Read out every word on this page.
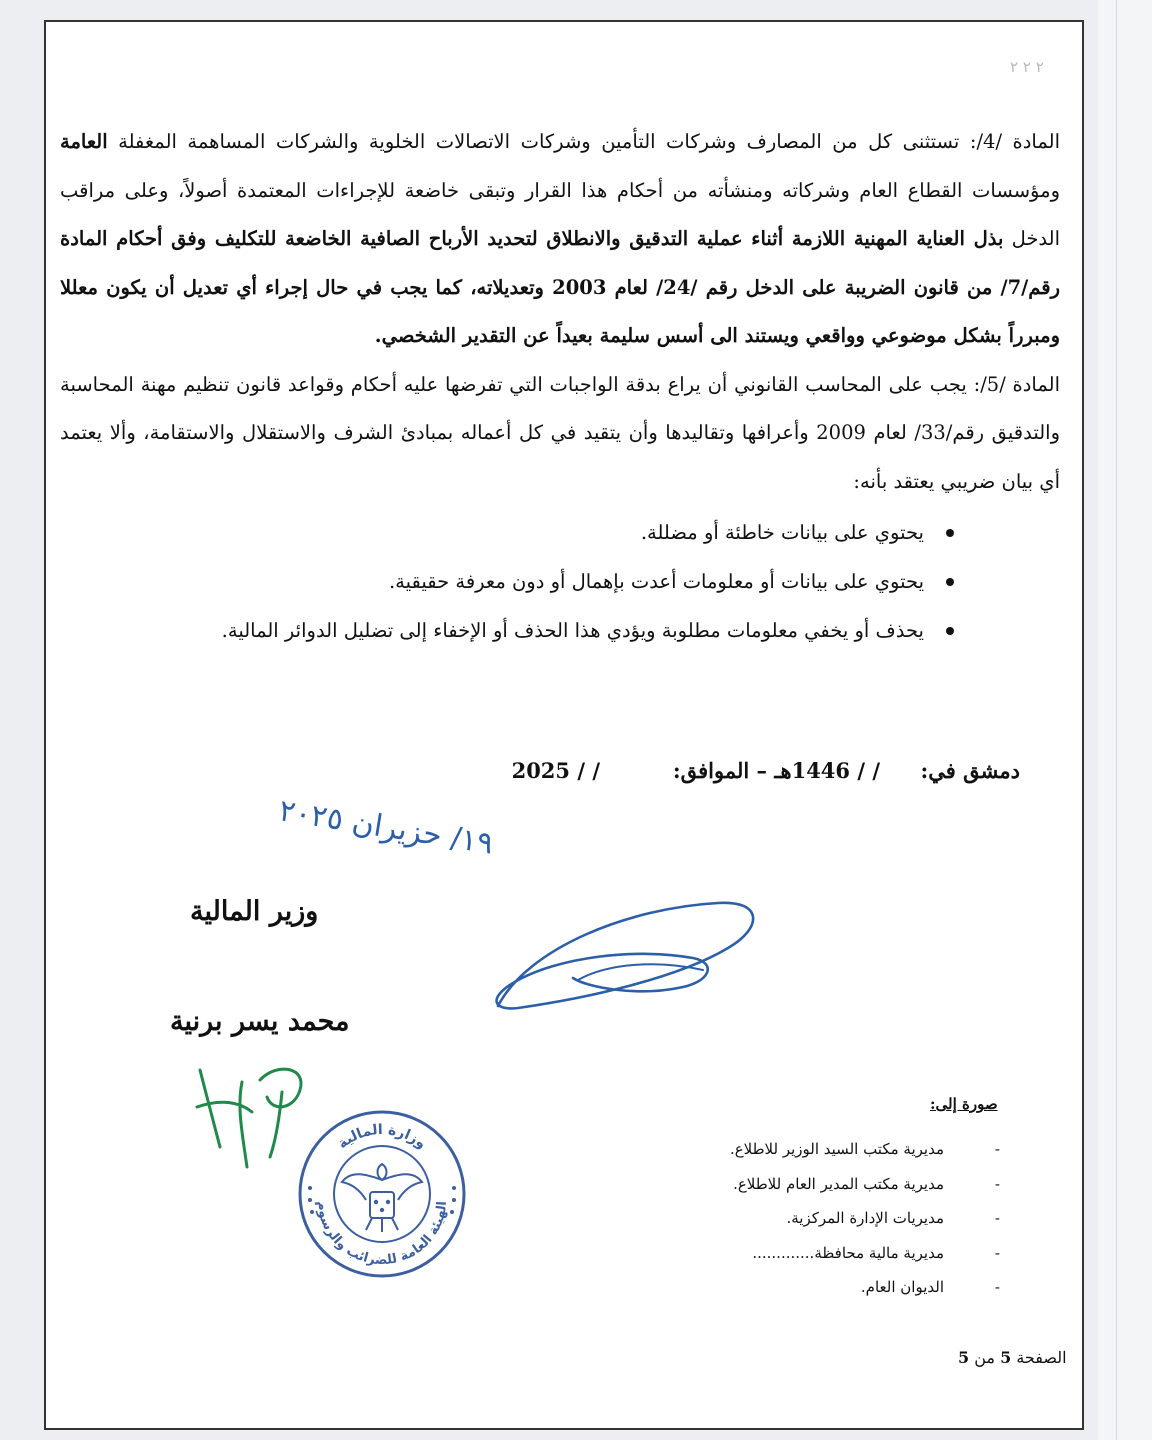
٢ ٢ ٢

المادة /4/: تستثنى كل من المصارف وشركات التأمين وشركات الاتصالات الخلوية والشركات المساهمة المغفلة العامة ومؤسسات القطاع العام وشركاته ومنشأته من أحكام هذا القرار وتبقى خاضعة للإجراءات المعتمدة أصولاً، وعلى مراقب الدخل بذل العناية المهنية اللازمة أثناء عملية التدقيق والانطلاق لتحديد الأرباح الصافية الخاضعة للتكليف وفق أحكام المادة رقم/7/ من قانون الضريبة على الدخل رقم /24/ لعام 2003 وتعديلاته، كما يجب في حال إجراء أي تعديل أن يكون معللا ومبرراً بشكل موضوعي وواقعي ويستند الى أسس سليمة بعيداً عن التقدير الشخصي.

المادة /5/: يجب على المحاسب القانوني أن يراع بدقة الواجبات التي تفرضها عليه أحكام وقواعد قانون تنظيم مهنة المحاسبة والتدقيق رقم/33/ لعام 2009 وأعرافها وتقاليدها وأن يتقيد في كل أعماله بمبادئ الشرف والاستقلال والاستقامة، وألا يعتمد أي بيان ضريبي يعتقد بأنه:

يحتوي على بيانات خاطئة أو مضللة.
يحتوي على بيانات أو معلومات أعدت بإهمال أو دون معرفة حقيقية.
يحذف أو يخفي معلومات مطلوبة ويؤدي هذا الحذف أو الإخفاء إلى تضليل الدوائر المالية.
دمشق في:
/ / 1446هـ – الموافق:
/ / 2025
١٩/ حزيران ٢٠٢٥
وزير المالية
محمد يسر برنية
وزارة المالية
الهيئة العامة للضرائب والرسوم
صورة إلى:
-مديرية مكتب السيد الوزير للاطلاع.
-مديرية مكتب المدير العام للاطلاع.
-مديريات الإدارة المركزية.
-مديرية مالية محافظة.............
-الديوان العام.
الصفحة 5 من 5
